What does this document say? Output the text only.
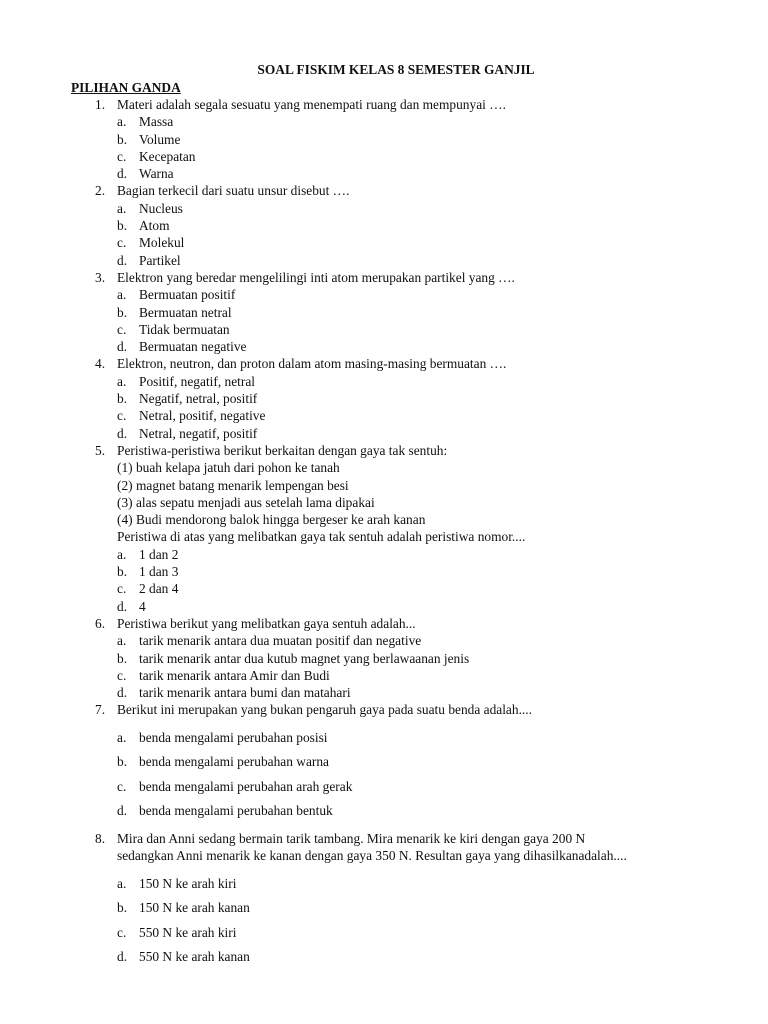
SOAL FISKIM KELAS 8 SEMESTER GANJIL
PILIHAN GANDA
1. Materi adalah segala sesuatu yang menempati ruang dan mempunyai ….
a. Massa
b. Volume
c. Kecepatan
d. Warna
2. Bagian terkecil dari suatu unsur disebut ….
a. Nucleus
b. Atom
c. Molekul
d. Partikel
3. Elektron yang beredar mengelilingi inti atom merupakan partikel yang ….
a. Bermuatan positif
b. Bermuatan netral
c. Tidak bermuatan
d. Bermuatan negative
4. Elektron, neutron, dan proton dalam atom masing-masing bermuatan ….
a. Positif, negatif, netral
b. Negatif, netral, positif
c. Netral, positif, negative
d. Netral, negatif, positif
5. Peristiwa-peristiwa berikut berkaitan dengan gaya tak sentuh:
(1) buah kelapa jatuh dari pohon ke tanah
(2) magnet batang menarik lempengan besi
(3) alas sepatu menjadi aus setelah lama dipakai
(4) Budi mendorong balok hingga bergeser ke arah kanan
Peristiwa di atas yang melibatkan gaya tak sentuh adalah peristiwa nomor....
a. 1 dan 2
b. 1 dan 3
c. 2 dan 4
d. 4
6. Peristiwa berikut yang melibatkan gaya sentuh adalah...
a. tarik menarik antara dua muatan positif dan negative
b. tarik menarik antar dua kutub magnet yang berlawaanan jenis
c. tarik menarik antara Amir dan Budi
d. tarik menarik antara bumi dan matahari
7. Berikut ini merupakan yang bukan pengaruh gaya pada suatu benda adalah....
a. benda mengalami perubahan posisi
b. benda mengalami perubahan warna
c. benda mengalami perubahan arah gerak
d. benda mengalami perubahan bentuk
8. Mira dan Anni sedang bermain tarik tambang. Mira menarik ke kiri dengan gaya 200 N
sedangkan Anni menarik ke kanan dengan gaya 350 N. Resultan gaya yang dihasilkanadalah....
a. 150 N ke arah kiri
b. 150 N ke arah kanan
c. 550 N ke arah kiri
d. 550 N ke arah kanan
